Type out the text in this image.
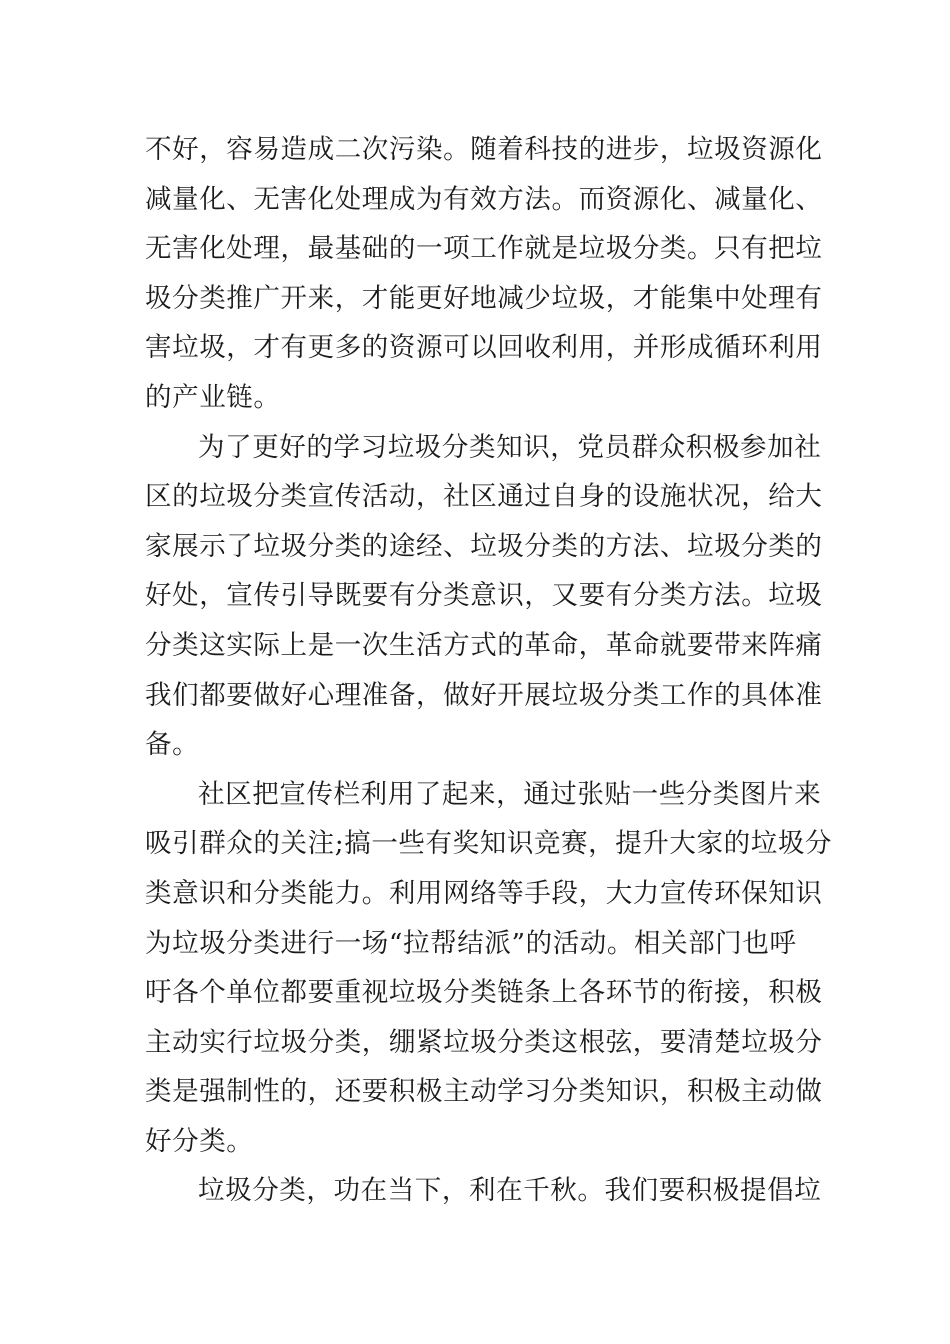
不好，容易造成二次污染。随着科技的进步，垃圾资源化
减量化、无害化处理成为有效方法。而资源化、减量化、
无害化处理，最基础的一项工作就是垃圾分类。只有把垃
圾分类推广开来，才能更好地减少垃圾，才能集中处理有
害垃圾，才有更多的资源可以回收利用，并形成循环利用
的产业链。
为了更好的学习垃圾分类知识，党员群众积极参加社
区的垃圾分类宣传活动，社区通过自身的设施状况，给大
家展示了垃圾分类的途经、垃圾分类的方法、垃圾分类的
好处，宣传引导既要有分类意识，又要有分类方法。垃圾
分类这实际上是一次生活方式的革命，革命就要带来阵痛
我们都要做好心理准备，做好开展垃圾分类工作的具体准
备。
社区把宣传栏利用了起来，通过张贴一些分类图片来
吸引群众的关注;搞一些有奖知识竞赛，提升大家的垃圾分
类意识和分类能力。利用网络等手段，大力宣传环保知识
为垃圾分类进行一场“拉帮结派”的活动。相关部门也呼
吁各个单位都要重视垃圾分类链条上各环节的衔接，积极
主动实行垃圾分类，绷紧垃圾分类这根弦，要清楚垃圾分
类是强制性的，还要积极主动学习分类知识，积极主动做
好分类。
垃圾分类，功在当下，利在千秋。我们要积极提倡垃
